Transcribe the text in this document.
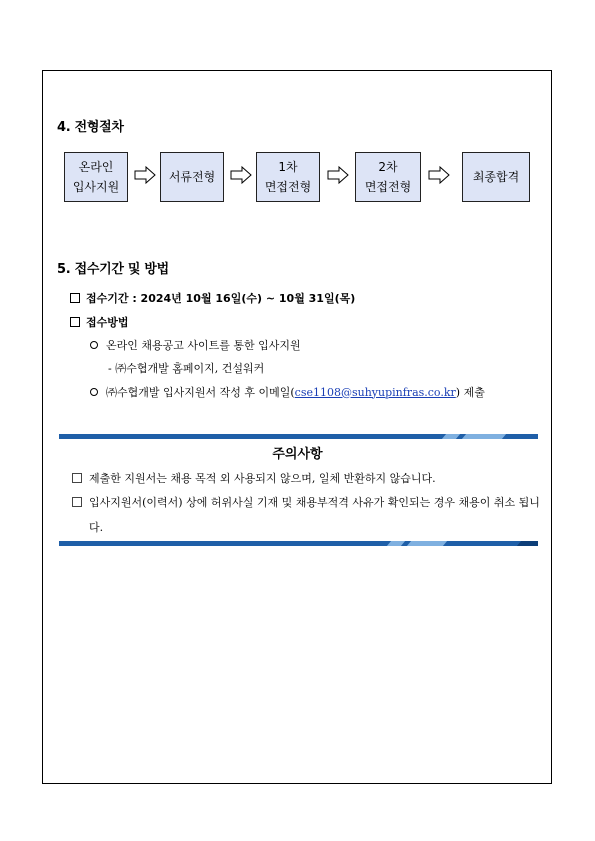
4. 전형절차
온라인
입사지원
서류전형
1차
면접전형
2차
면접전형
최종합격
5. 접수기간 및 방법
접수기간 : 2024년 10월 16일(수) ~ 10월 31일(목)
접수방법
온라인 채용공고 사이트를 통한 입사지원
- ㈜수협개발 홈페이지, 건설워커
㈜수협개발 입사지원서 작성 후 이메일( cse1108@suhyupinfras.co.kr ) 제출
주의사항
제출한 지원서는 채용 목적 외 사용되지 않으며, 일체 반환하지 않습니다.
입사지원서(이력서) 상에 허위사실 기재 및 채용부적격 사유가 확인되는 경우 채용이 취소 됩니다.
